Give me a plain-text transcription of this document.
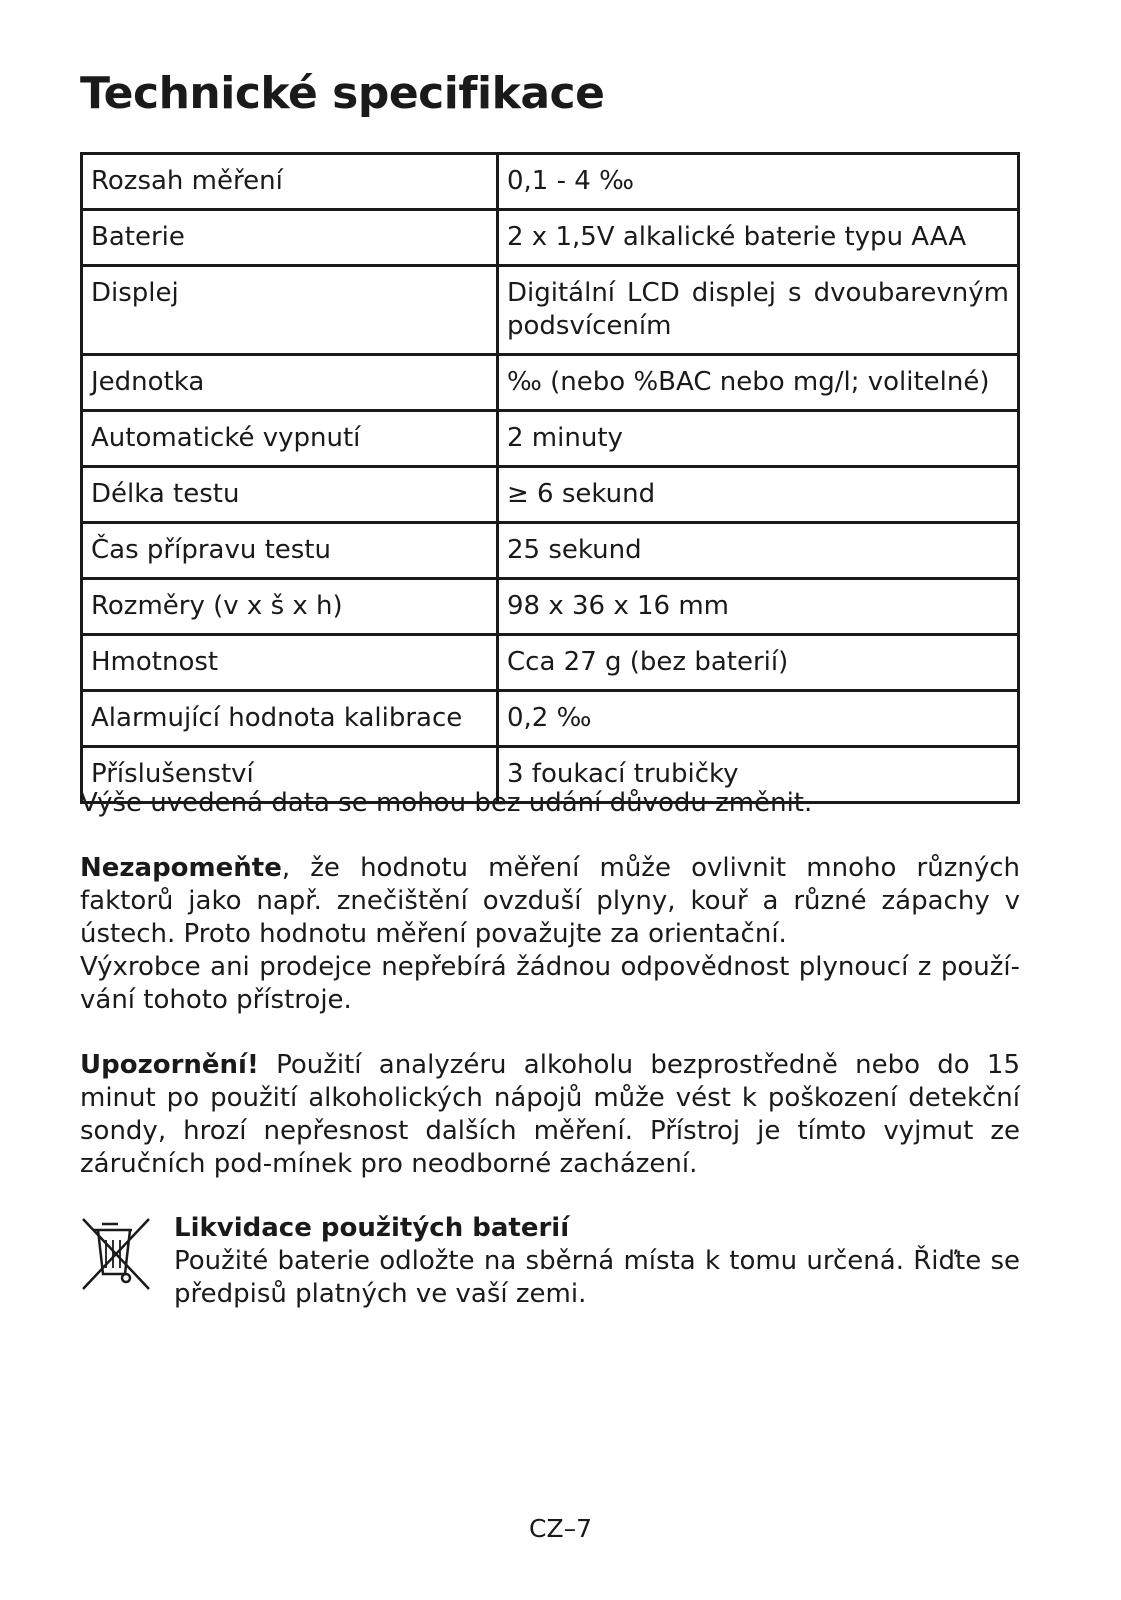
Technické specifikace
Rozsah měření	0,1 - 4 ‰
Baterie	2 x 1,5V alkalické baterie typu AAA
Displej	Digitální LCD displej s dvoubarevným podsvícením
Jednotka	‰ (nebo %BAC nebo mg/l; volitelné)
Automatické vypnutí	2 minuty
Délka testu	≥ 6 sekund
Čas přípravu testu	25 sekund
Rozměry (v x š x h)	98 x 36 x 16 mm
Hmotnost	Cca 27 g (bez baterií)
Alarmující hodnota kalibrace	0,2 ‰
Příslušenství	3 foukací trubičky

Výše uvedená data se mohou bez udání důvodu změnit.

Nezapomeňte, že hodnotu měření může ovlivnit mnoho různých faktorů jako např. znečištění ovzduší plyny, kouř a různé zápachy v ústech. Proto hodnotu měření považujte za orientační.
Výxrobce ani prodejce nepřebírá žádnou odpovědnost plynoucí z použí-vání tohoto přístroje.
Upozornění! Použití analyzéru alkoholu bezprostředně nebo do 15 minut po použití alkoholických nápojů může vést k poškození detekční sondy, hrozí nepřesnost dalších měření. Přístroj je tímto vyjmut ze záručních pod-mínek pro neodborné zacházení.
Likvidace použitých baterií
Použité baterie odložte na sběrná místa k tomu určená. Řiďte se předpisů platných ve vaší zemi.
CZ–7
